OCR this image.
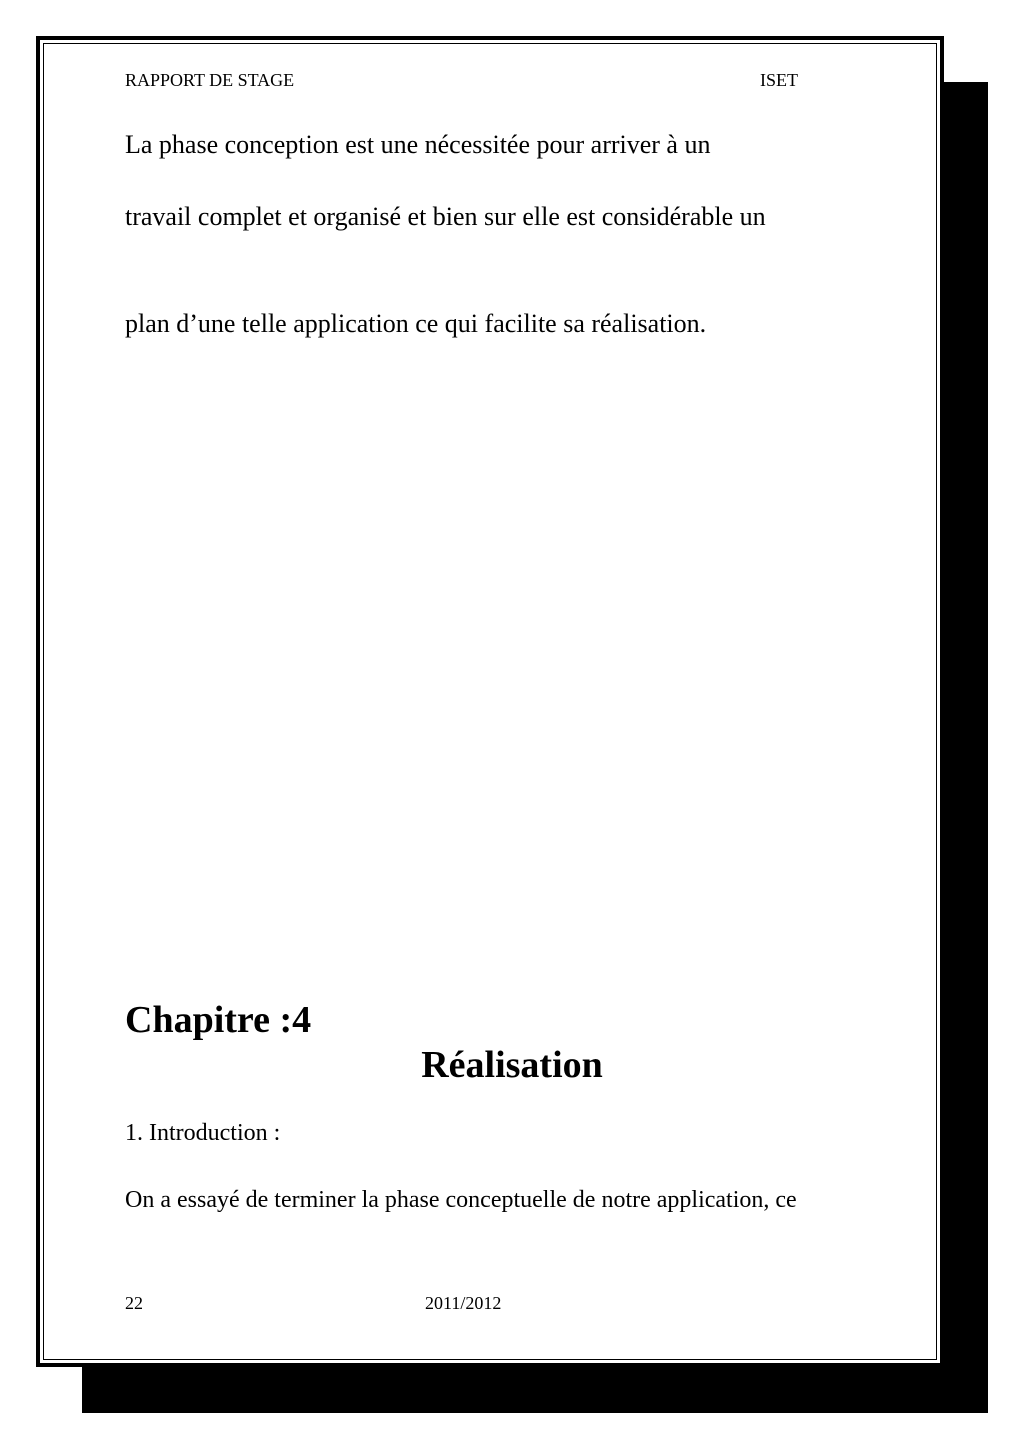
RAPPORT DE STAGE	ISET

La phase conception est une nécessitée pour arriver à un

travail complet et organisé et bien sur elle est considérable un

plan d’une telle application ce qui facilite sa réalisation.

Chapitre :4
Réalisation

1. Introduction :

On a essayé de terminer la phase conceptuelle de notre application, ce

22	2011/2012
